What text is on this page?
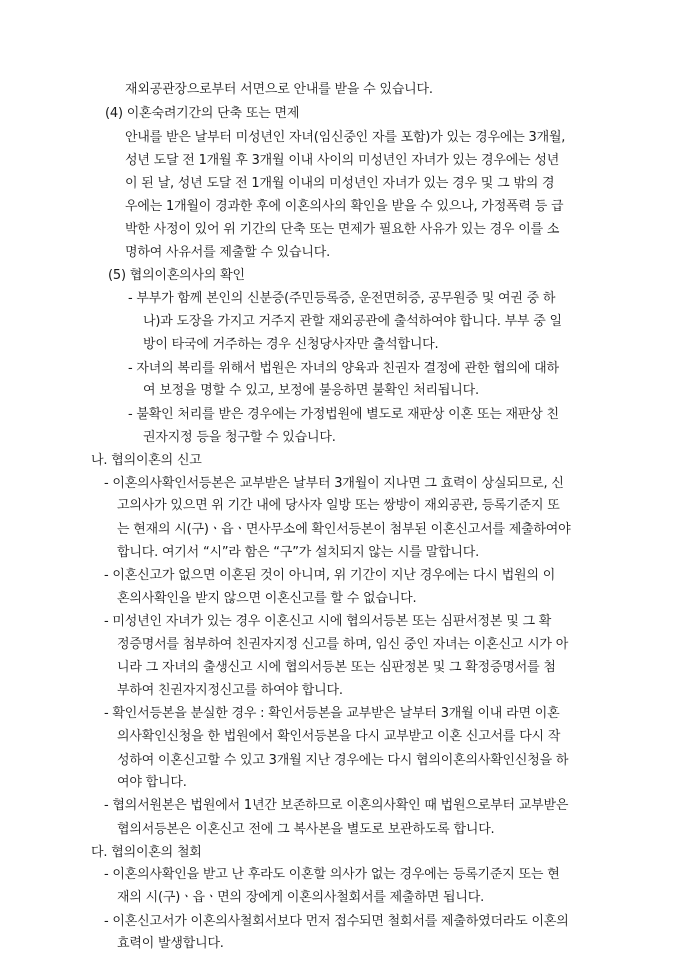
재외공관장으로부터 서면으로 안내를 받을 수 있습니다.
(4) 이혼숙려기간의 단축 또는 면제
안내를 받은 날부터 미성년인 자녀(임신중인 자를 포함)가 있는 경우에는 3개월,
성년 도달 전 1개월 후 3개월 이내 사이의 미성년인 자녀가 있는 경우에는 성년
이 된 날, 성년 도달 전 1개월 이내의 미성년인 자녀가 있는 경우 및 그 밖의 경
우에는 1개월이 경과한 후에 이혼의사의 확인을 받을 수 있으나, 가정폭력 등 급
박한 사정이 있어 위 기간의 단축 또는 면제가 필요한 사유가 있는 경우 이를 소
명하여 사유서를 제출할 수 있습니다.
(5) 협의이혼의사의 확인
- 부부가 함께 본인의 신분증(주민등록증, 운전면허증, 공무원증 및 여권 중 하
나)과 도장을 가지고 거주지 관할 재외공관에 출석하여야 합니다. 부부 중 일
방이 타국에 거주하는 경우 신청당사자만 출석합니다.
- 자녀의 복리를 위해서 법원은 자녀의 양육과 친권자 결정에 관한 협의에 대하
여 보정을 명할 수 있고, 보정에 불응하면 불확인 처리됩니다.
- 불확인 처리를 받은 경우에는 가정법원에 별도로 재판상 이혼 또는 재판상 친
권자지정 등을 청구할 수 있습니다.
나. 협의이혼의 신고
- 이혼의사확인서등본은 교부받은 날부터 3개월이 지나면 그 효력이 상실되므로, 신
고의사가 있으면 위 기간 내에 당사자 일방 또는 쌍방이 재외공관, 등록기준지 또
는 현재의 시(구)ㆍ읍ㆍ면사무소에 확인서등본이 첨부된 이혼신고서를 제출하여야
합니다. 여기서 “시”라 함은 “구”가 설치되지 않는 시를 말합니다.
- 이혼신고가 없으면 이혼된 것이 아니며, 위 기간이 지난 경우에는 다시 법원의 이
혼의사확인을 받지 않으면 이혼신고를 할 수 없습니다.
- 미성년인 자녀가 있는 경우 이혼신고 시에 협의서등본 또는 심판서정본 및 그 확
정증명서를 첨부하여 친권자지정 신고를 하며, 임신 중인 자녀는 이혼신고 시가 아
니라 그 자녀의 출생신고 시에 협의서등본 또는 심판정본 및 그 확정증명서를 첨
부하여 친권자지정신고를 하여야 합니다.
- 확인서등본을 분실한 경우 : 확인서등본을 교부받은 날부터 3개월 이내 라면 이혼
의사확인신청을 한 법원에서 확인서등본을 다시 교부받고 이혼 신고서를 다시 작
성하여 이혼신고할 수 있고 3개월 지난 경우에는 다시 협의이혼의사확인신청을 하
여야 합니다.
- 협의서원본은 법원에서 1년간 보존하므로 이혼의사확인 때 법원으로부터 교부받은
협의서등본은 이혼신고 전에 그 복사본을 별도로 보관하도록 합니다.
다. 협의이혼의 철회
- 이혼의사확인을 받고 난 후라도 이혼할 의사가 없는 경우에는 등록기준지 또는 현
재의 시(구)ㆍ읍ㆍ면의 장에게 이혼의사철회서를 제출하면 됩니다.
- 이혼신고서가 이혼의사철회서보다 먼저 접수되면 철회서를 제출하였더라도 이혼의
효력이 발생합니다.
